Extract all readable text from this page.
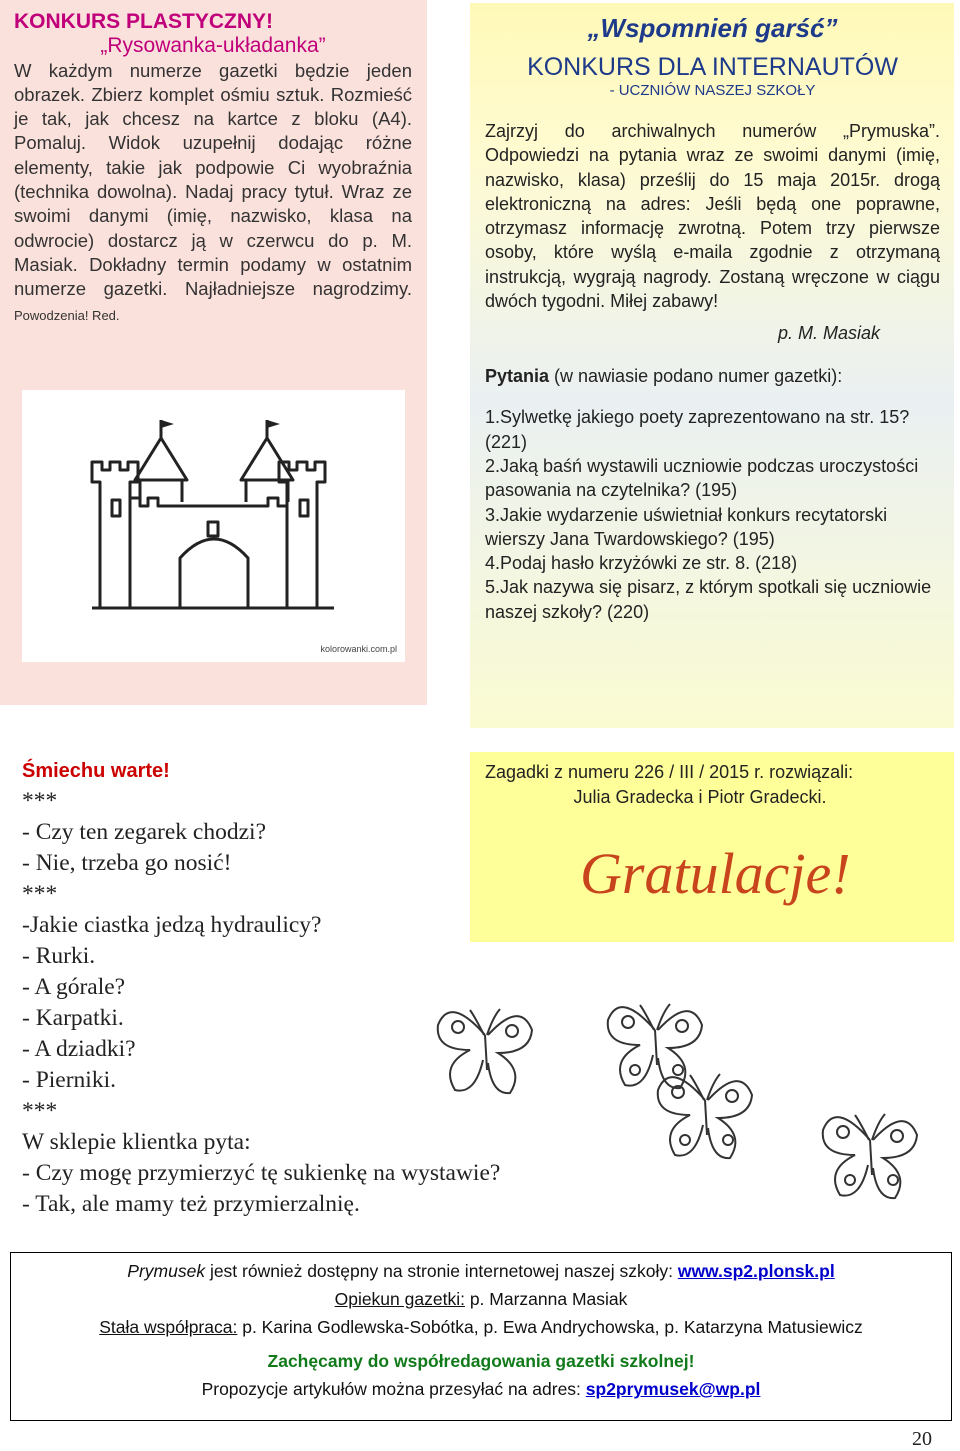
KONKURS PLASTYCZNY!
„Rysowanka-układanka”
W każdym numerze gazetki będzie jeden obrazek. Zbierz komplet ośmiu sztuk. Rozmieść je tak, jak chcesz na kartce z bloku (A4). Pomaluj. Widok uzupełnij dodając różne elementy, takie jak podpowie Ci wyobraźnia (technika dowolna). Nadaj pracy tytuł. Wraz ze swoimi danymi (imię, nazwisko, klasa na odwrocie) dostarcz ją w czerwcu do p. M. Masiak. Dokładny termin podamy w ostatnim numerze gazetki. Najładniejsze nagrodzimy. Powodzenia! Red.
kolorowanki.com.pl
„Wspomnień garść”
KONKURS DLA INTERNAUTÓW
- UCZNIÓW NASZEJ SZKOŁY
Zajrzyj do archiwalnych numerów „Prymuska”. Odpowiedzi na pytania wraz ze swoimi danymi (imię, nazwisko, klasa) prześlij do 15 maja 2015r. drogą elektroniczną na adres: Jeśli będą one poprawne, otrzymasz informację zwrotną. Potem trzy pierwsze osoby, które wyślą e-maila zgodnie z otrzymaną instrukcją, wygrają nagrody. Zostaną wręczone w ciągu dwóch tygodni. Miłej zabawy!
p. M. Masiak
Pytania (w nawiasie podano numer gazetki):
1.Sylwetkę jakiego poety zaprezentowano na str. 15? (221)
2.Jaką baśń wystawili uczniowie podczas uroczystości pasowania na czytelnika? (195)
3.Jakie wydarzenie uświetniał konkurs recytatorski wierszy Jana Twardowskiego? (195)
4.Podaj hasło krzyżówki ze str. 8. (218)
5.Jak nazywa się pisarz, z którym spotkali się uczniowie naszej szkoły? (220)
Śmiechu warte!
***
- Czy ten zegarek chodzi?
- Nie, trzeba go nosić!
***
-Jakie ciastka jedzą hydraulicy?
- Rurki.
- A górale?
- Karpatki.
- A dziadki?
- Pierniki.
***
W sklepie klientka pyta:
- Czy mogę przymierzyć tę sukienkę na wystawie?
- Tak, ale mamy też przymierzalnię.
Zagadki z numeru 226 / III / 2015 r. rozwiązali:
Julia Gradecka i Piotr Gradecki.
Gratulacje!
Prymusek jest również dostępny na stronie internetowej naszej szkoły: www.sp2.plonsk.pl
Opiekun gazetki: p. Marzanna Masiak
Stała współpraca: p. Karina Godlewska-Sobótka, p. Ewa Andrychowska, p. Katarzyna Matusiewicz
Zachęcamy do współredagowania gazetki szkolnej!
Propozycje artykułów można przesyłać na adres: sp2prymusek@wp.pl
20
